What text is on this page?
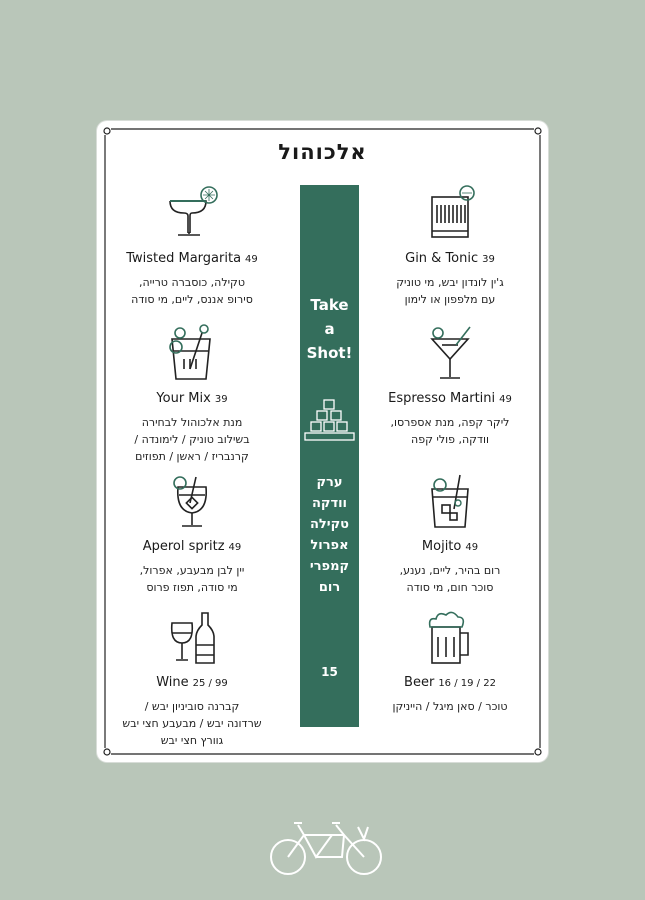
אלכוהול
Take
a
Shot!
ערק
וודקה
טקילה
אפרול
קמפרי
רום
15
Twisted Margarita 49
טקילה, כוסברה טרייה,
סירופ אננס, ליים, מי סודה
Gin & Tonic 39
ג'ין לונדון יבש, מי טוניק
עם מלפפון או לימון
Your Mix 39
מנת אלכוהול לבחירה
בשילוב טוניק / לימונדה /
קרנבריז / ראשן / תפוזים
Espresso Martini 49
ליקר קפה, מנת אספרסו,
וודקה, פולי קפה
Aperol spritz 49
יין לבן מבעבע, אפרול,
מי סודה, תפוז פרוס
Mojito 49
רום בהיר, ליים, נענע,
סוכר חום, מי סודה
Wine 25 / 99
קברנה סוביניון יבש /
שרדונה יבש / מבעבע חצי יבש
גוורץ חצי יבש
Beer 16 / 19 / 22
טוכר / סאן מיגל / הייניקן
